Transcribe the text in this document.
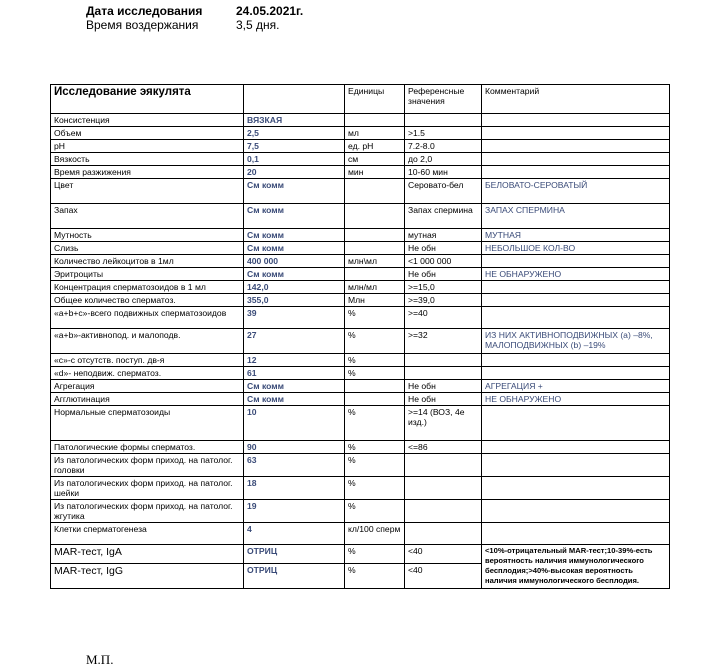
Дата исследования	24.05.2021г.
Время воздержания	3,5 дня.
Исследование эякулята		Единицы	Референсные значения	Комментарий
Консистенция	ВЯЗКАЯ			
Объем	2,5	мл	>1.5	
pH	7,5	ед. рН	7.2-8.0	
Вязкость	0,1	см	до 2,0	
Время разжижения	20	мин	10-60 мин	
Цвет	См комм		Серовато-бел	БЕЛОВАТО-СЕРОВАТЫЙ
Запах	См комм		Запах спермина	ЗАПАХ СПЕРМИНА
Мутность	См комм		мутная	МУТНАЯ
Слизь	См комм		Не обн	НЕБОЛЬШОЕ КОЛ-ВО
Количество лейкоцитов в 1мл	400 000	млн\мл	<1 000 000	
Эритроциты	См комм		Не обн	НЕ ОБНАРУЖЕНО
Концентрация сперматозоидов в 1 мл	142,0	млн/мл	>=15,0	
Общее количество сперматоз.	355,0	Млн	>=39,0	
«a+b+c»-всего подвижных сперматозоидов	39	%	>=40	
«a+b»-активнопод. и малоподв.	27	%	>=32	ИЗ НИХ АКТИВНОПОДВИЖНЫХ (a) –8%, МАЛОПОДВИЖНЫХ (b) –19%
«c»-с отсутств. поступ. дв-я	12	%		
«d»- неподвиж. сперматоз.	61	%		
Агрегация	См комм		Не обн	АГРЕГАЦИЯ +
Агглютинация	См комм		Не обн	НЕ ОБНАРУЖЕНО
Нормальные сперматозоиды	10	%	>=14 (ВОЗ, 4е изд.)	
Патологические формы сперматоз.	90	%	<=86	
Из патологических форм приход. на патолог. головки	63	%		
Из патологических форм приход. на патолог. шейки	18	%		
Из патологических форм приход. на патолог. жгутика	19	%		
Клетки сперматогенеза	4	кл/100 сперм		
MAR-тест, IgA	ОТРИЦ	%	<40	<10%-отрицательный MAR-тест;10-39%-есть вероятность наличия иммунологического бесплодия;>40%-высокая вероятность наличия иммунологического бесплодия.
MAR-тест, IgG	ОТРИЦ	%	<40	
М.П.
